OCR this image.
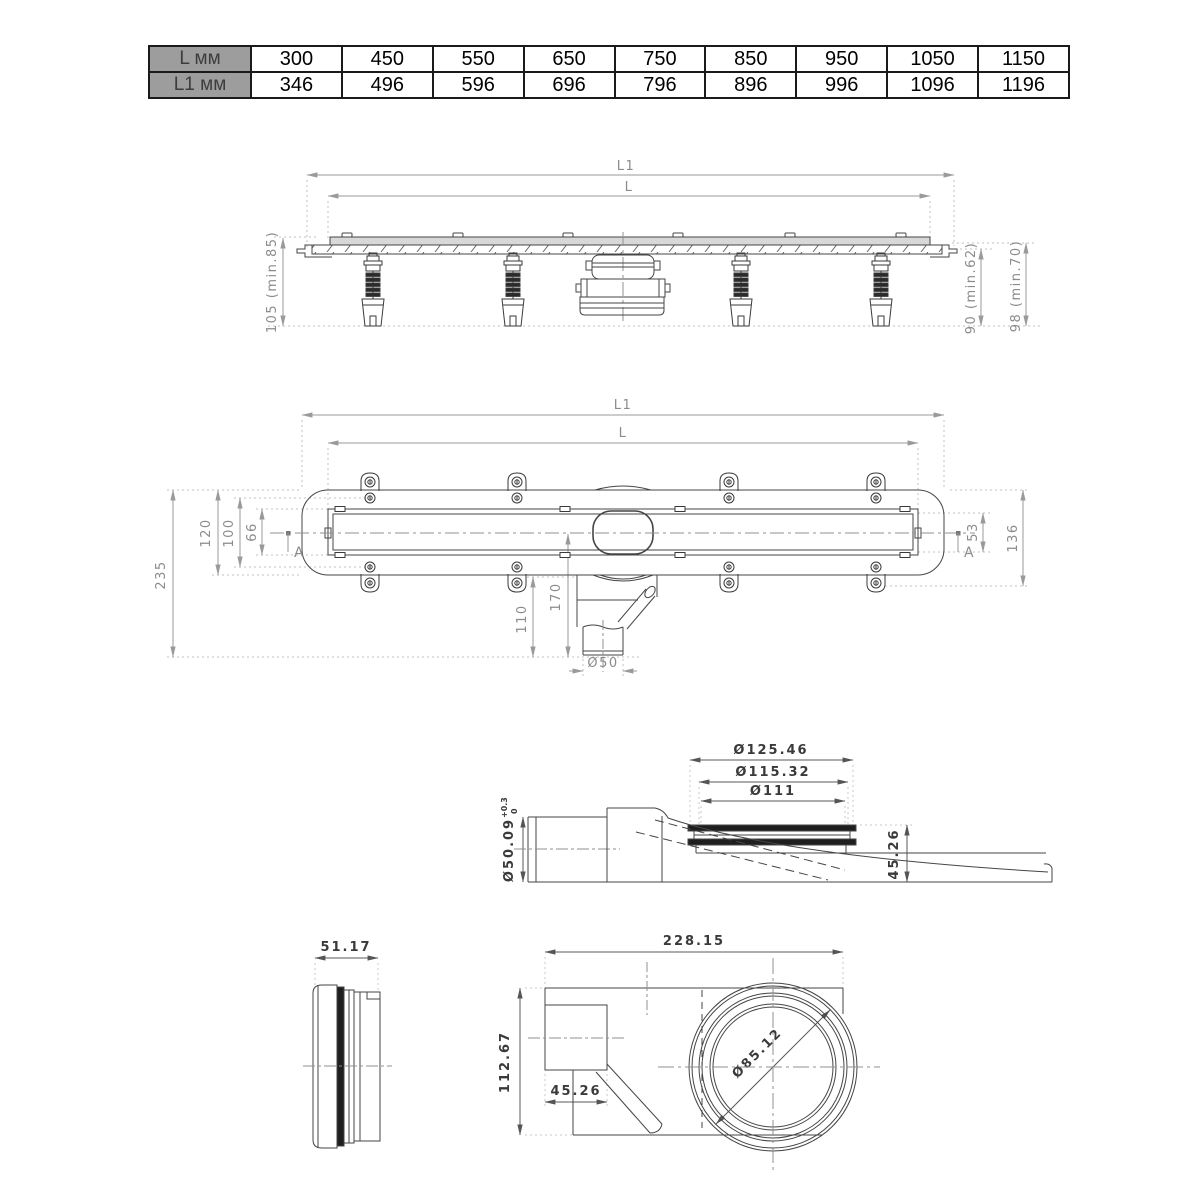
L мм	300	450	550	650	750	850	950	1050	1150
L1 мм	346	496	596	696	796	896	996	1096	1196
L1
L
105 (min.85)	90 (min.62) 98 (min.70)
L1
L
235
120 100 66	53 136
170
110
Ø50
A	A
Ø125.46
Ø115.32
Ø111
Ø50.09
+0.3 0
45.26
51.17	228.15
112.67	45.26
Ø85.12
